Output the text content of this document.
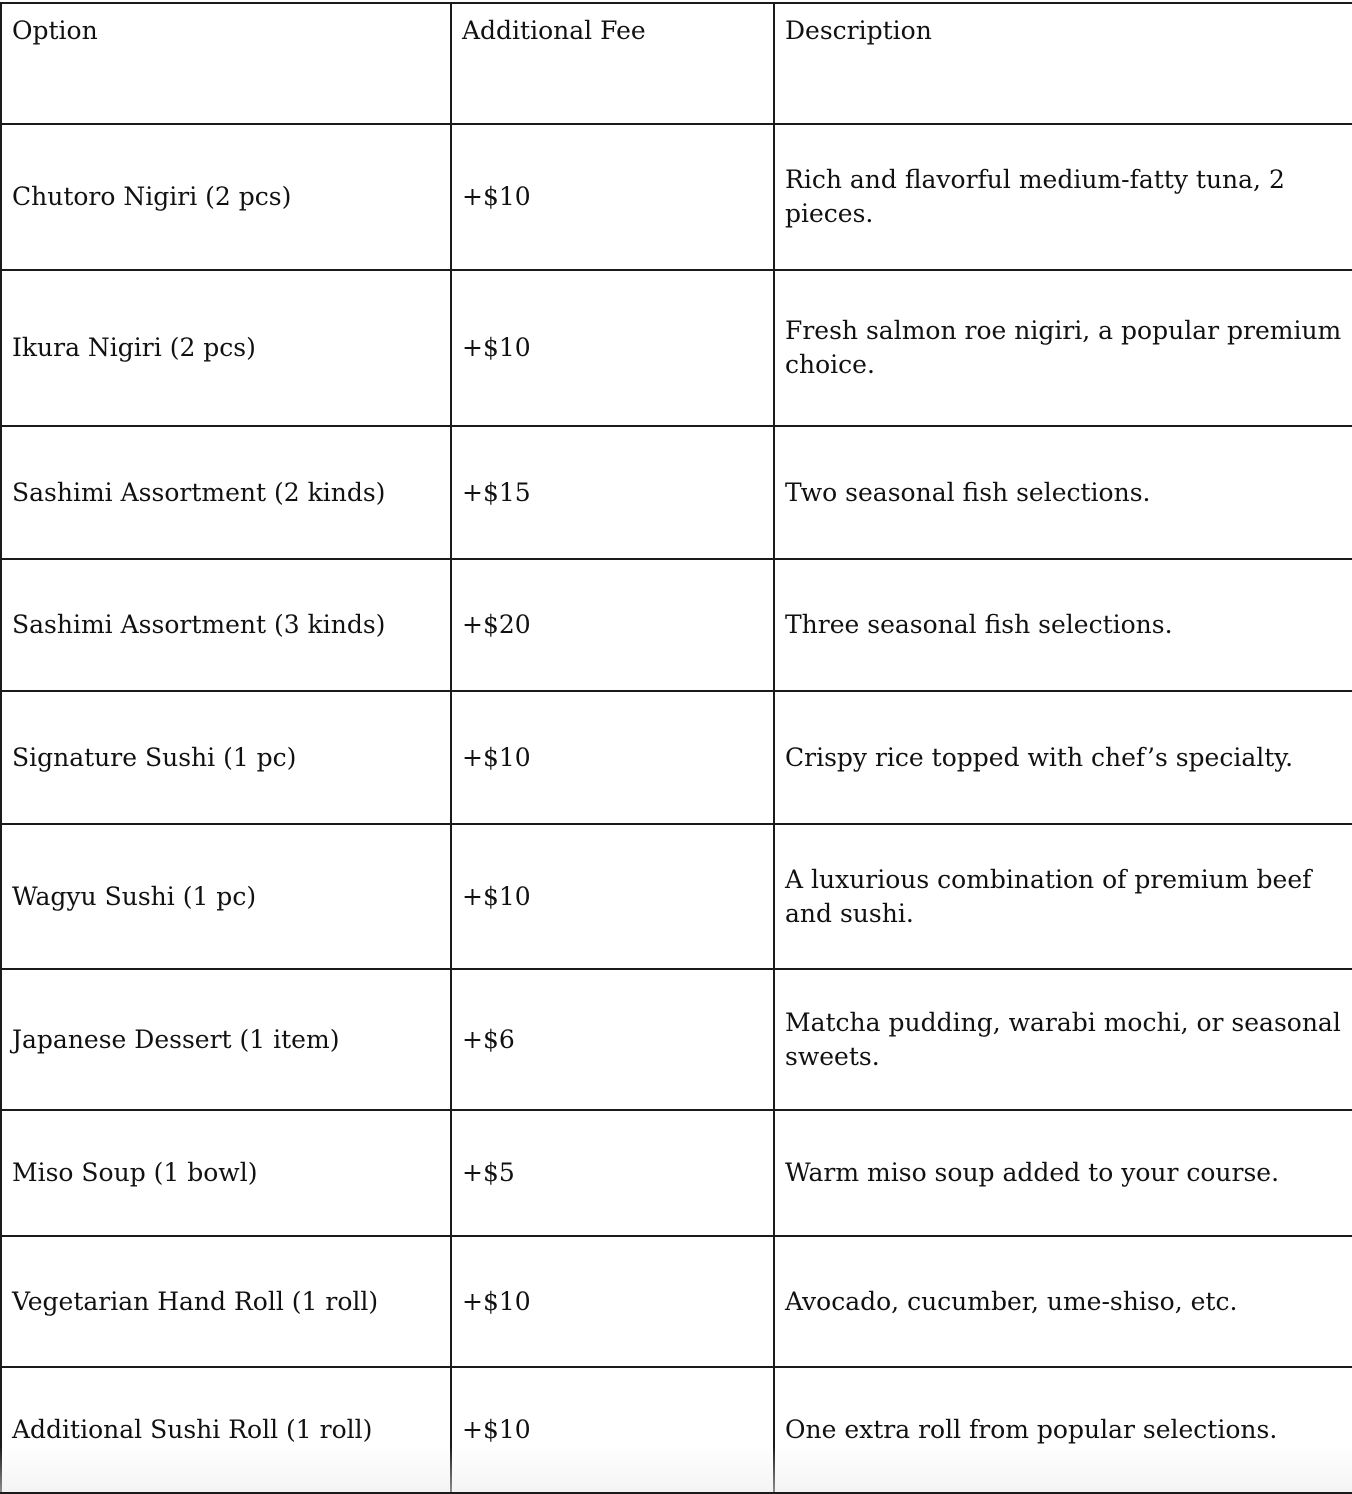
Option	Additional Fee	Description
Chutoro Nigiri (2 pcs)	+$10	Rich and flavorful medium-fatty tuna, 2 pieces.
Ikura Nigiri (2 pcs)	+$10	Fresh salmon roe nigiri, a popular premium choice.
Sashimi Assortment (2 kinds)	+$15	Two seasonal fish selections.
Sashimi Assortment (3 kinds)	+$20	Three seasonal fish selections.
Signature Sushi (1 pc)	+$10	Crispy rice topped with chef’s specialty.
Wagyu Sushi (1 pc)	+$10	A luxurious combination of premium beef and sushi.
Japanese Dessert (1 item)	+$6	Matcha pudding, warabi mochi, or seasonal sweets.
Miso Soup (1 bowl)	+$5	Warm miso soup added to your course.
Vegetarian Hand Roll (1 roll)	+$10	Avocado, cucumber, ume-shiso, etc.
Additional Sushi Roll (1 roll)	+$10	One extra roll from popular selections.
